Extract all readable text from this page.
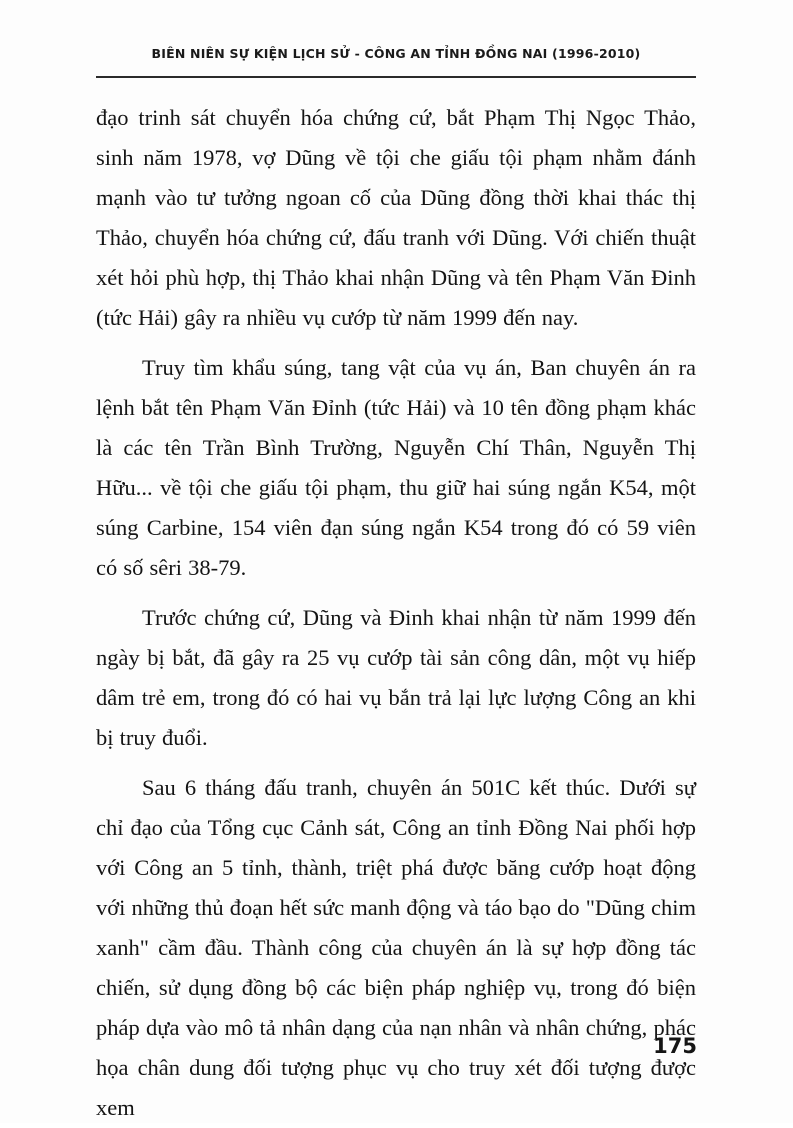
BIÊN NIÊN SỰ KIỆN LỊCH SỬ - CÔNG AN TỈNH ĐỒNG NAI (1996-2010)

đạo trinh sát chuyển hóa chứng cứ, bắt Phạm Thị Ngọc Thảo, sinh năm 1978, vợ Dũng về tội che giấu tội phạm nhằm đánh mạnh vào tư tưởng ngoan cố của Dũng đồng thời khai thác thị Thảo, chuyển hóa chứng cứ, đấu tranh với Dũng. Với chiến thuật xét hỏi phù hợp, thị Thảo khai nhận Dũng và tên Phạm Văn Đinh (tức Hải) gây ra nhiều vụ cướp từ năm 1999 đến nay.

Truy tìm khẩu súng, tang vật của vụ án, Ban chuyên án ra lệnh bắt tên Phạm Văn Đỉnh (tức Hải) và 10 tên đồng phạm khác là các tên Trần Bình Trường, Nguyễn Chí Thân, Nguyễn Thị Hữu... về tội che giấu tội phạm, thu giữ hai súng ngắn K54, một súng Carbine, 154 viên đạn súng ngắn K54 trong đó có 59 viên có số sêri 38-79.

Trước chứng cứ, Dũng và Đinh khai nhận từ năm 1999 đến ngày bị bắt, đã gây ra 25 vụ cướp tài sản công dân, một vụ hiếp dâm trẻ em, trong đó có hai vụ bắn trả lại lực lượng Công an khi bị truy đuổi.

Sau 6 tháng đấu tranh, chuyên án 501C kết thúc. Dưới sự chỉ đạo của Tổng cục Cảnh sát, Công an tỉnh Đồng Nai phối hợp với Công an 5 tỉnh, thành, triệt phá được băng cướp hoạt động với những thủ đoạn hết sức manh động và táo bạo do "Dũng chim xanh" cầm đầu. Thành công của chuyên án là sự hợp đồng tác chiến, sử dụng đồng bộ các biện pháp nghiệp vụ, trong đó biện pháp dựa vào mô tả nhân dạng của nạn nhân và nhân chứng, phác họa chân dung đối tượng phục vụ cho truy xét đối tượng được xem

175
